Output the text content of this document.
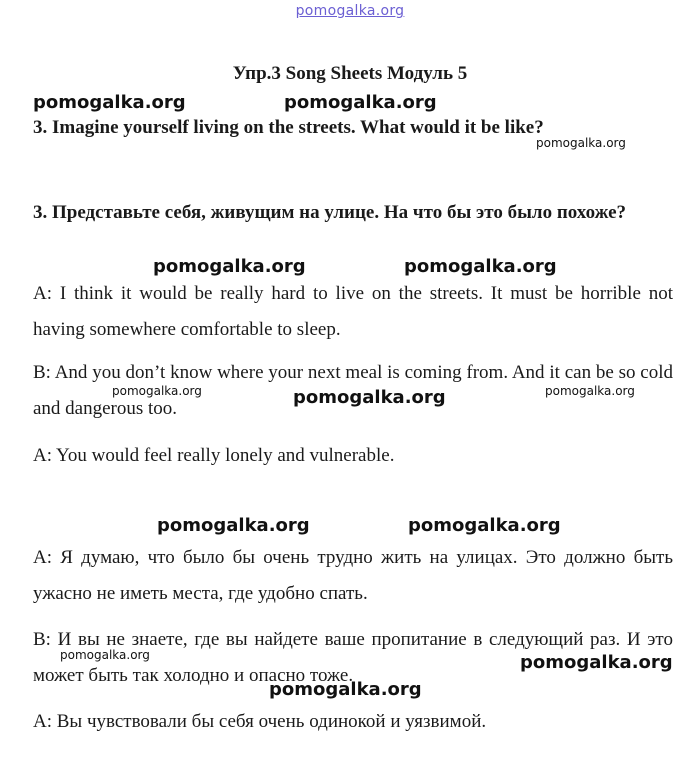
pomogalka.org
Упр.3 Song Sheets Модуль 5
3. Imagine yourself living on the streets. What would it be like?
3. Представьте себя, живущим на улице. На что бы это было похоже?
A: I think it would be really hard to live on the streets. It must be horrible not having somewhere comfortable to sleep.
B: And you don’t know where your next meal is coming from. And it can be so cold and dangerous too.
A: You would feel really lonely and vulnerable.
А: Я думаю, что было бы очень трудно жить на улицах. Это должно быть ужасно не иметь места, где удобно спать.
В: И вы не знаете, где вы найдете ваше пропитание в следующий раз. И это может быть так холодно и опасно тоже.
А: Вы чувствовали бы себя очень одинокой и уязвимой.
pomogalka.org	pomogalka.org
pomogalka.org
pomogalka.org	pomogalka.org
pomogalka.org	pomogalka.org	pomogalka.org
pomogalka.org	pomogalka.org
pomogalka.org	pomogalka.org
pomogalka.org
